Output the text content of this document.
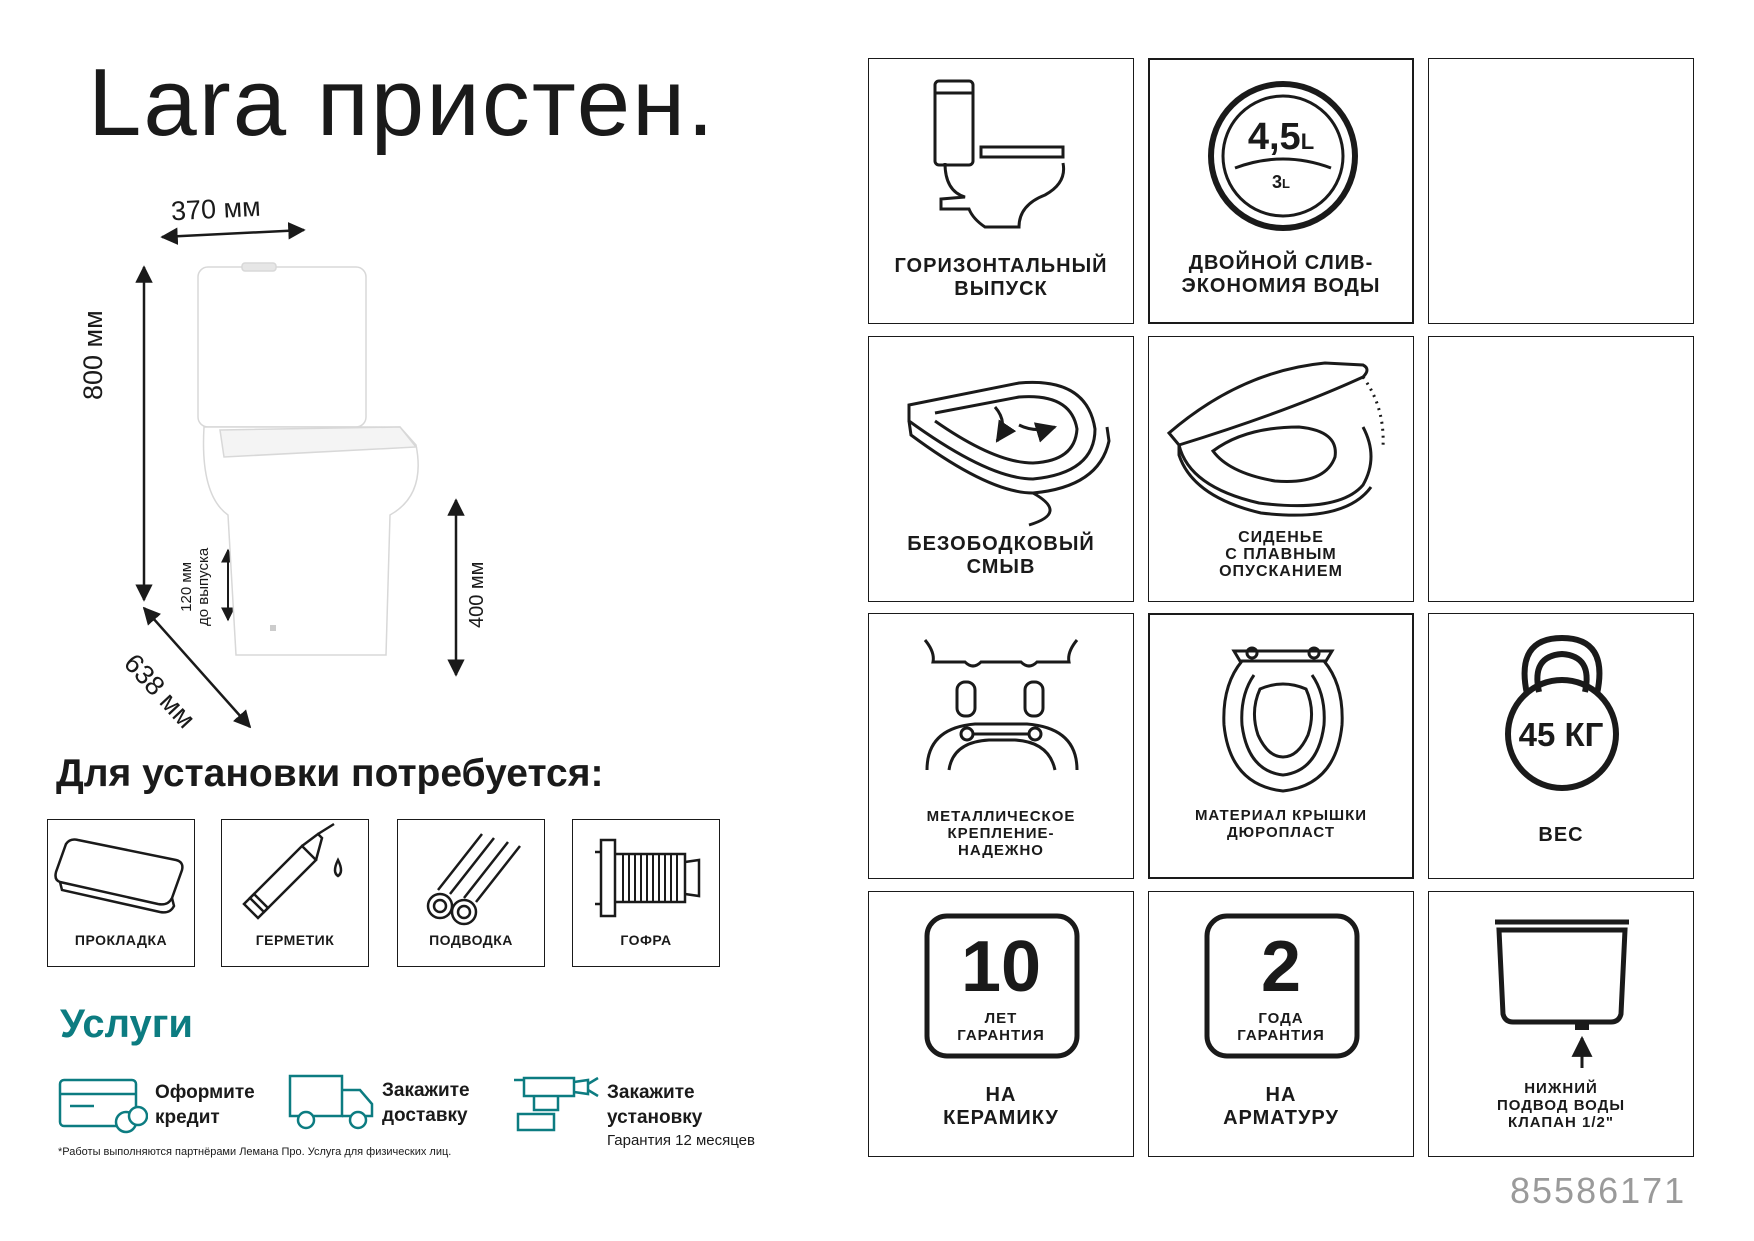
Lara пристен.
370 мм
800 мм
638 мм
400 мм
120 мм до выпуска
Для установки потребуется:
ПРОКЛАДКА	ГЕРМЕТИК	ПОДВОДКА	ГОФРА
Услуги
Оформите
кредит
Закажите
доставку
Закажите
установку
Гарантия 12 месяцев
*Работы выполняются партнёрами Лемана Про. Услуга для физических лиц.
ГОРИЗОНТАЛЬНЫЙ
ВЫПУСК
4,5L
3L
ДВОЙНОЙ СЛИВ-
ЭКОНОМИЯ ВОДЫ
БЕЗОБОДКОВЫЙ
СМЫВ
СИДЕНЬЕ
С ПЛАВНЫМ
ОПУСКАНИЕМ
МЕТАЛЛИЧЕСКОЕ
КРЕПЛЕНИЕ-
НАДЕЖНО
МАТЕРИАЛ КРЫШКИ
ДЮРОПЛАСТ
45 КГ
ВЕС
10
ЛЕТ
ГАРАНТИЯ
НА
КЕРАМИКУ
2
ГОДА
ГАРАНТИЯ
НА
АРМАТУРУ
НИЖНИЙ
ПОДВОД ВОДЫ
КЛАПАН 1/2"
85586171
